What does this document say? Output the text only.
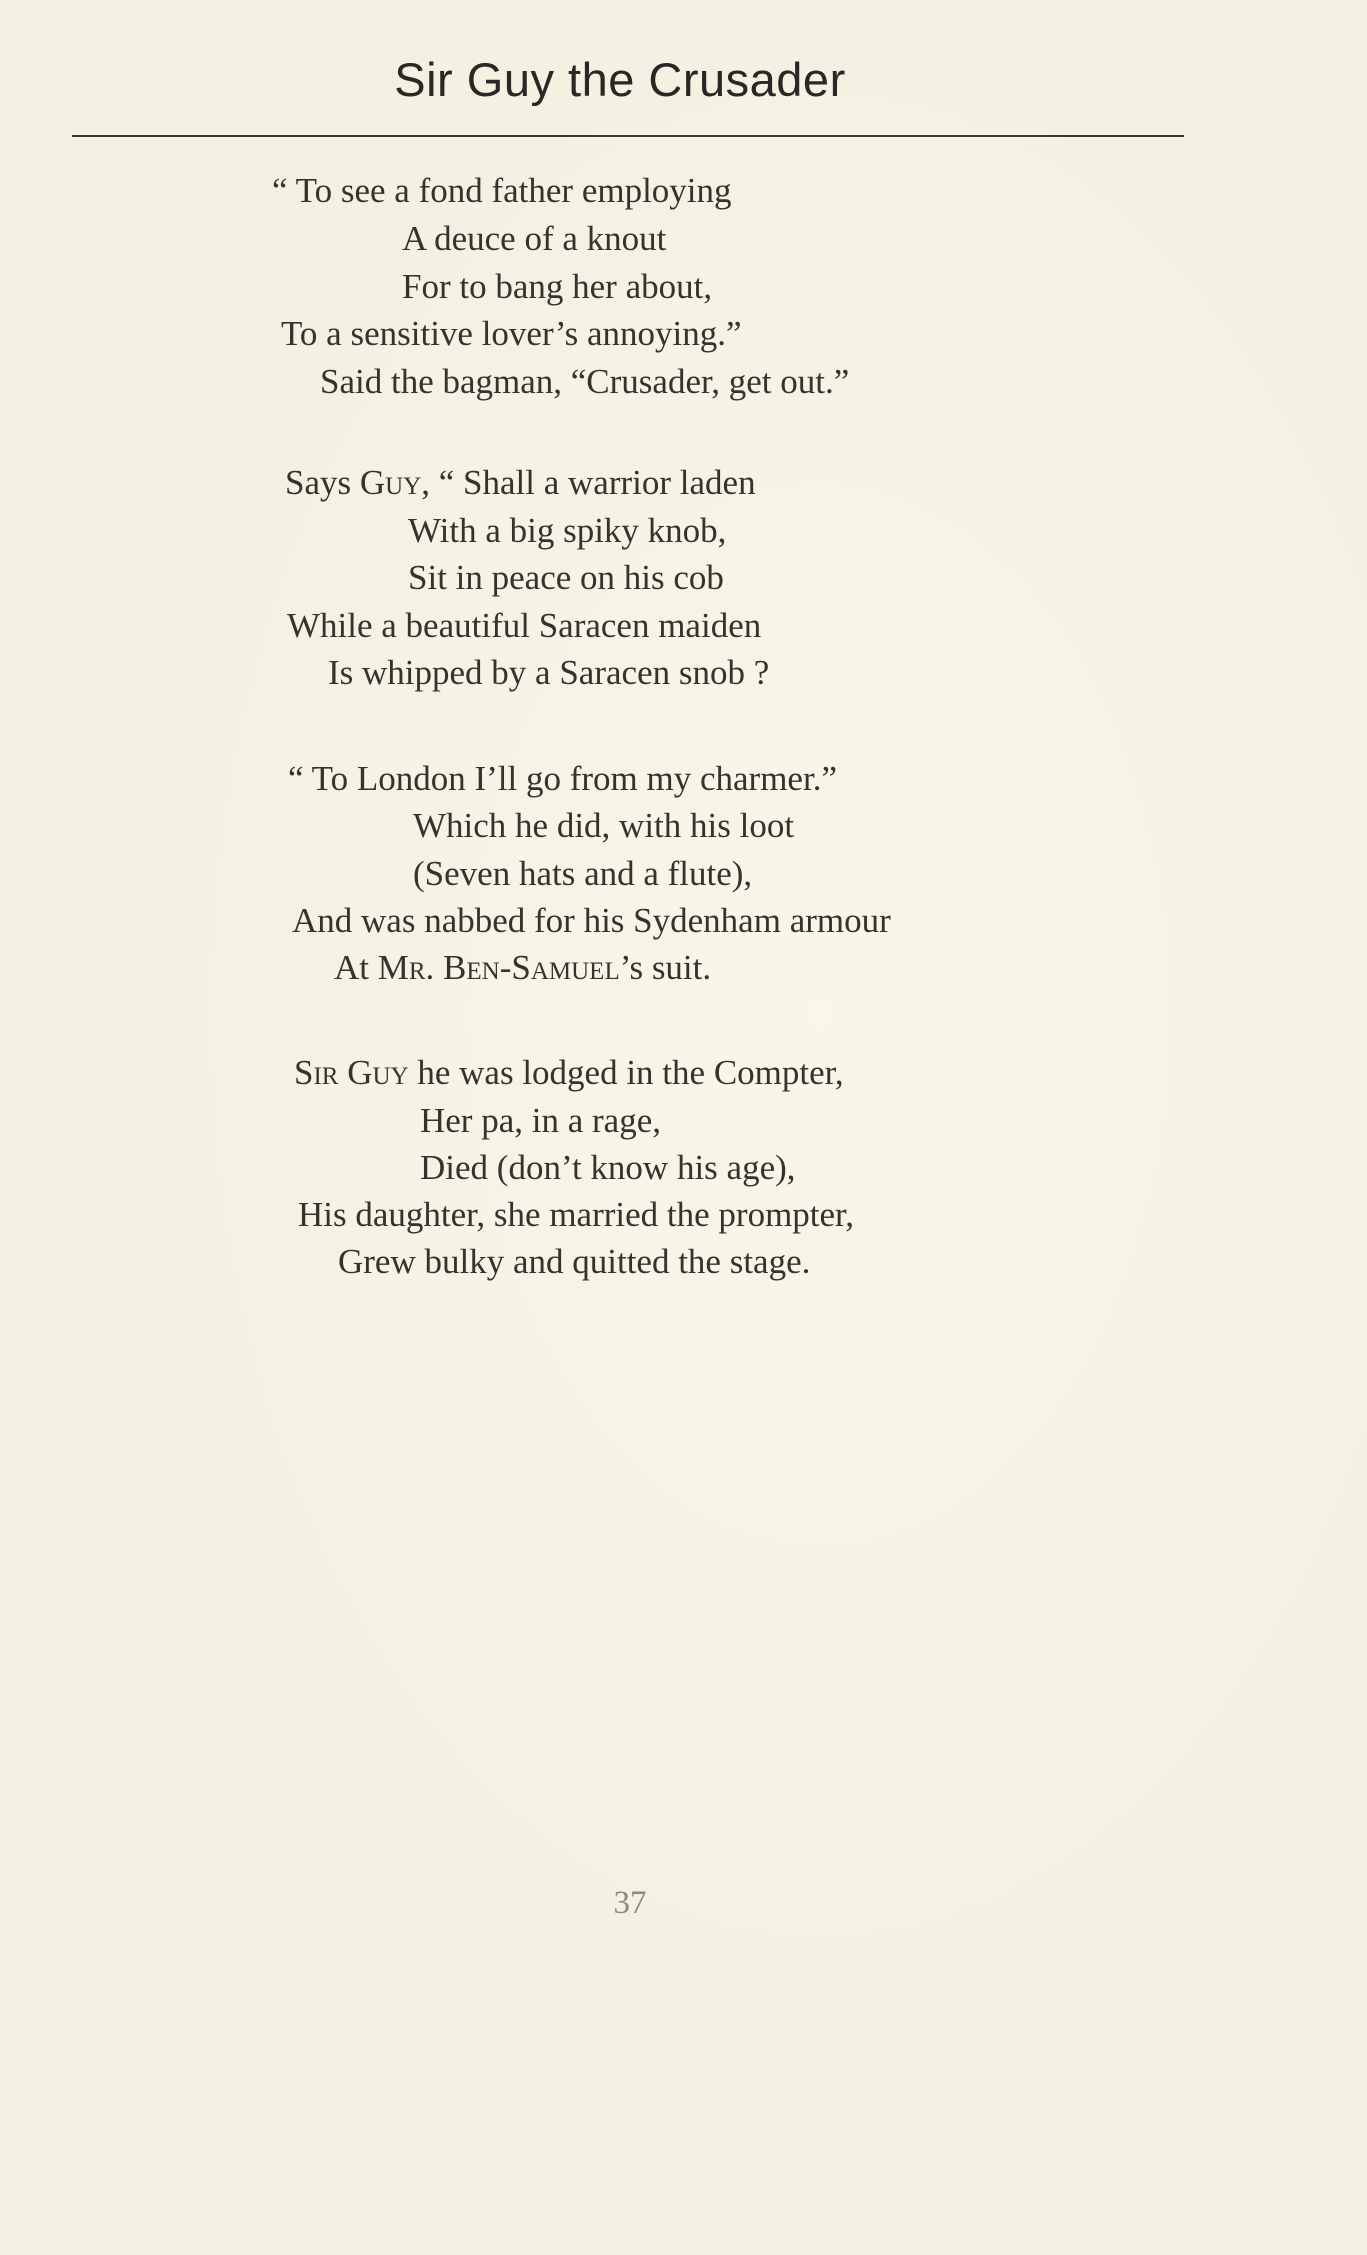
Sir Guy the Crusader
“ To see a fond father employing
A deuce of a knout
For to bang her about,
To a sensitive lover’s annoying.”
Said the bagman, “Crusader, get out.”
Says Guy, “ Shall a warrior laden
With a big spiky knob,
Sit in peace on his cob
While a beautiful Saracen maiden
Is whipped by a Saracen snob ?
“ To London I’ll go from my charmer.”
Which he did, with his loot
(Seven hats and a flute),
And was nabbed for his Sydenham armour
At Mr. Ben-Samuel’s suit.
Sir Guy he was lodged in the Compter,
Her pa, in a rage,
Died (don’t know his age),
His daughter, she married the prompter,
Grew bulky and quitted the stage.
37
